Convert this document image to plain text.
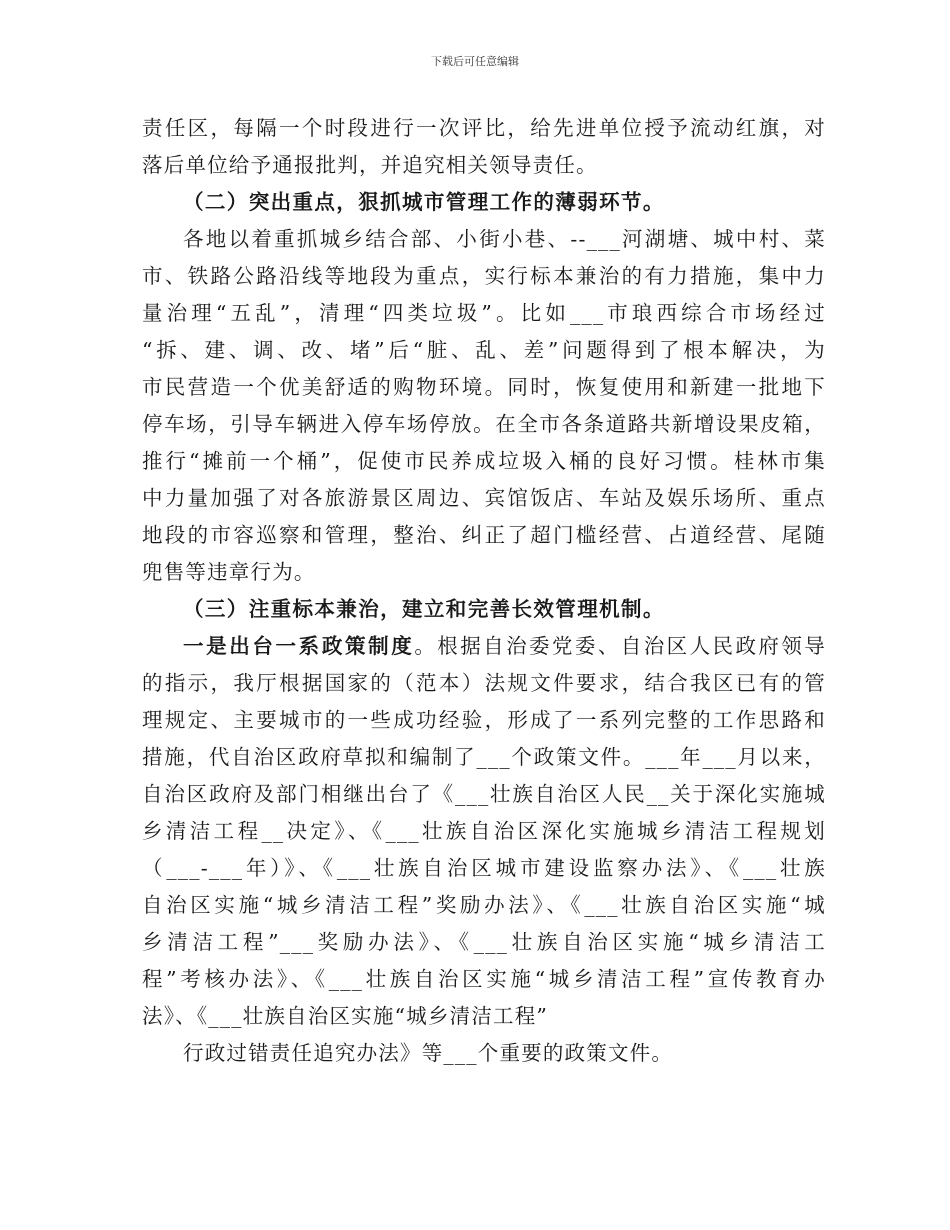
下载后可任意编辑
责任区，每隔一个时段进行一次评比，给先进单位授予流动红旗，对
落后单位给予通报批判，并追究相关领导责任。
（二）突出重点，狠抓城市管理工作的薄弱环节。
各地以着重抓城乡结合部、小街小巷、--___河湖塘、城中村、菜
市、铁路公路沿线等地段为重点，实行标本兼治的有力措施，集中力
量治理“五乱”，清理“四类垃圾”。比如___市琅西综合市场经过
“拆、建、调、改、堵”后“脏、乱、差”问题得到了根本解决，为
市民营造一个优美舒适的购物环境。同时，恢复使用和新建一批地下
停车场，引导车辆进入停车场停放。在全市各条道路共新增设果皮箱，
推行“摊前一个桶”，促使市民养成垃圾入桶的良好习惯。桂林市集
中力量加强了对各旅游景区周边、宾馆饭店、车站及娱乐场所、重点
地段的市容巡察和管理，整治、纠正了超门槛经营、占道经营、尾随
兜售等违章行为。
（三）注重标本兼治，建立和完善长效管理机制。
一是出台一系政策制度。根据自治委党委、自治区人民政府领导
的指示，我厅根据国家的（范本）法规文件要求，结合我区已有的管
理规定、主要城市的一些成功经验，形成了一系列完整的工作思路和
措施，代自治区政府草拟和编制了___个政策文件。___年___月以来，
自治区政府及部门相继出台了《___壮族自治区人民__关于深化实施城
乡清洁工程__决定》、《___壮族自治区深化实施城乡清洁工程规划
（___-___年）》、《___壮族自治区城市建设监察办法》、《___壮族
自治区实施“城乡清洁工程”奖励办法》、《___壮族自治区实施“城
乡清洁工程”___奖励办法》、《___壮族自治区实施“城乡清洁工
程”考核办法》、《___壮族自治区实施“城乡清洁工程”宣传教育办
法》、《___壮族自治区实施“城乡清洁工程”
行政过错责任追究办法》等___个重要的政策文件。
